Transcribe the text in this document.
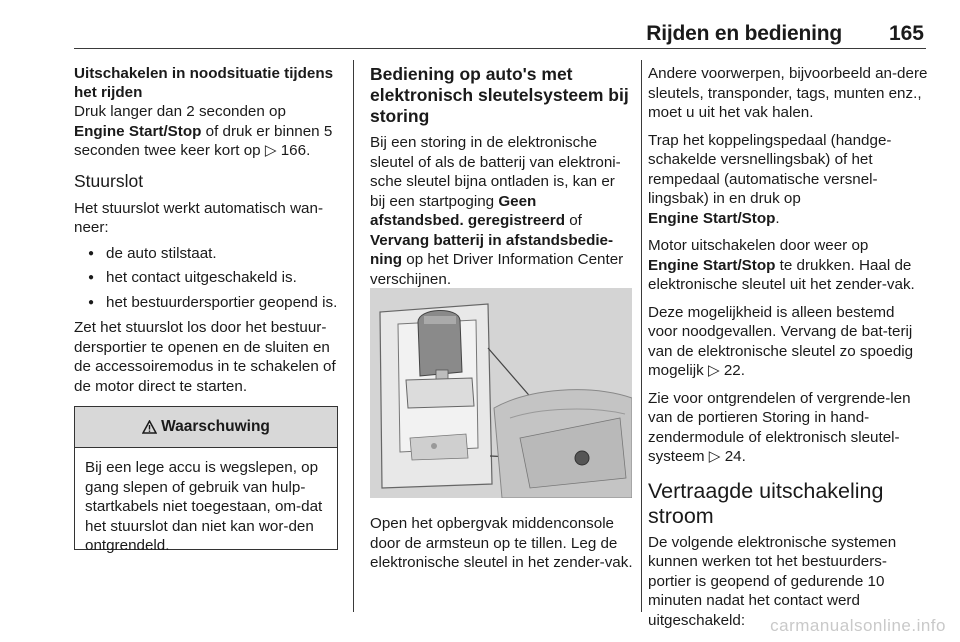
Rijden en bediening 165
Uitschakelen in noodsituatie tijdens het rijden

Druk langer dan 2 seconden op
Engine Start/Stop of druk er binnen 5 seconden twee keer kort op ▷ 166.

Stuurslot

Het stuurslot werkt automatisch wan-neer:

● de auto stilstaat.
● het contact uitgeschakeld is.
● het bestuurdersportier geopend is.

Zet het stuurslot los door het bestuur-dersportier te openen en de sluiten en de accessoiremodus in te schakelen of de motor direct te starten.

Waarschuwing
Bij een lege accu is wegslepen, op gang slepen of gebruik van hulp-startkabels niet toegestaan, om-dat het stuurslot dan niet kan wor-den ontgrendeld.
Bediening op auto's met elektronisch sleutelsysteem bij storing

Bij een storing in de elektronische sleutel of als de batterij van elektroni-sche sleutel bijna ontladen is, kan er bij een startpoging Geen afstandsbed. geregistreerd of Vervang batterij in afstandsbedie-ning op het Driver Information Center verschijnen.

Open het opbergvak middenconsole door de armsteun op te tillen. Leg de elektronische sleutel in het zender-vak.

Andere voorwerpen, bijvoorbeeld an-dere sleutels, transponder, tags, munten enz., moet u uit het vak halen.

Trap het koppelingspedaal (handge-schakelde versnellingsbak) of het rempedaal (automatische versnel-lingsbak) in en druk op
Engine Start/Stop.

Motor uitschakelen door weer op
Engine Start/Stop te drukken. Haal de elektronische sleutel uit het zender-vak.

Deze mogelijkheid is alleen bestemd voor noodgevallen. Vervang de bat-terij van de elektronische sleutel zo spoedig mogelijk ▷ 22.

Zie voor ontgrendelen of vergrende-len van de portieren Storing in hand-zendermodule of elektronisch sleutel-systeem ▷ 24.

Vertraagde uitschakeling stroom

De volgende elektronische systemen kunnen werken tot het bestuurders-portier is geopend of gedurende 10 minuten nadat het contact werd uitgeschakeld:	carmanualsonline.info
